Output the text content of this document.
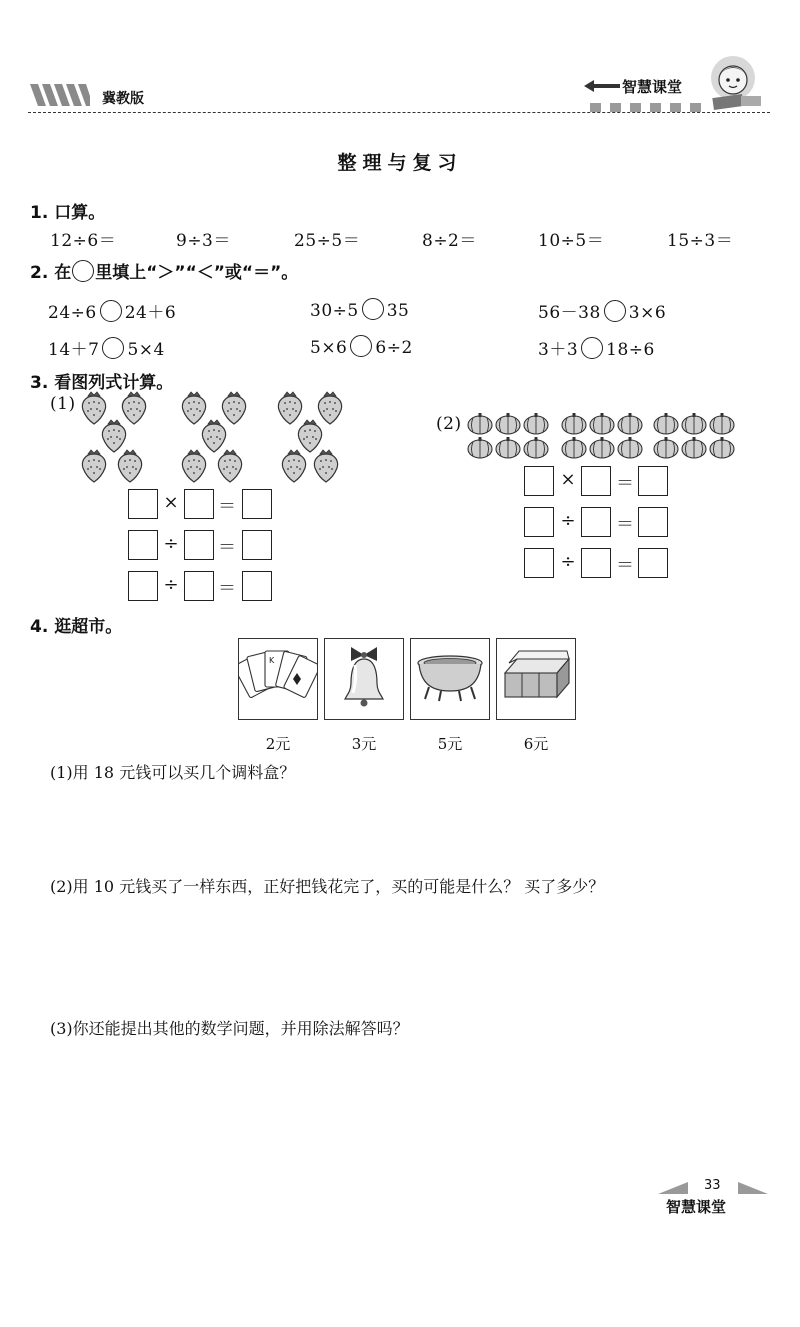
冀教版
智慧课堂
整理与复习
1. 口算。
12÷6＝	9÷3＝	25÷5＝	8÷2＝	10÷5＝	15÷3＝
2. 在 里填上“＞”“＜”或“＝”。
24÷6 24＋6	30÷5 35	56－38 3×6
14＋7 5×4	5×6 6÷2	3＋3 18÷6
3. 看图列式计算。
(1)
(2)
× ＝
÷ ＝
÷ ＝
× ＝
÷ ＝
÷ ＝
4. 逛超市。
K
2元	3元	5元	6元
(1)用 18 元钱可以买几个调料盒？
(2)用 10 元钱买了一样东西，正好把钱花完了，买的可能是什么？ 买了多少？
(3)你还能提出其他的数学问题，并用除法解答吗？
33
智慧课堂
